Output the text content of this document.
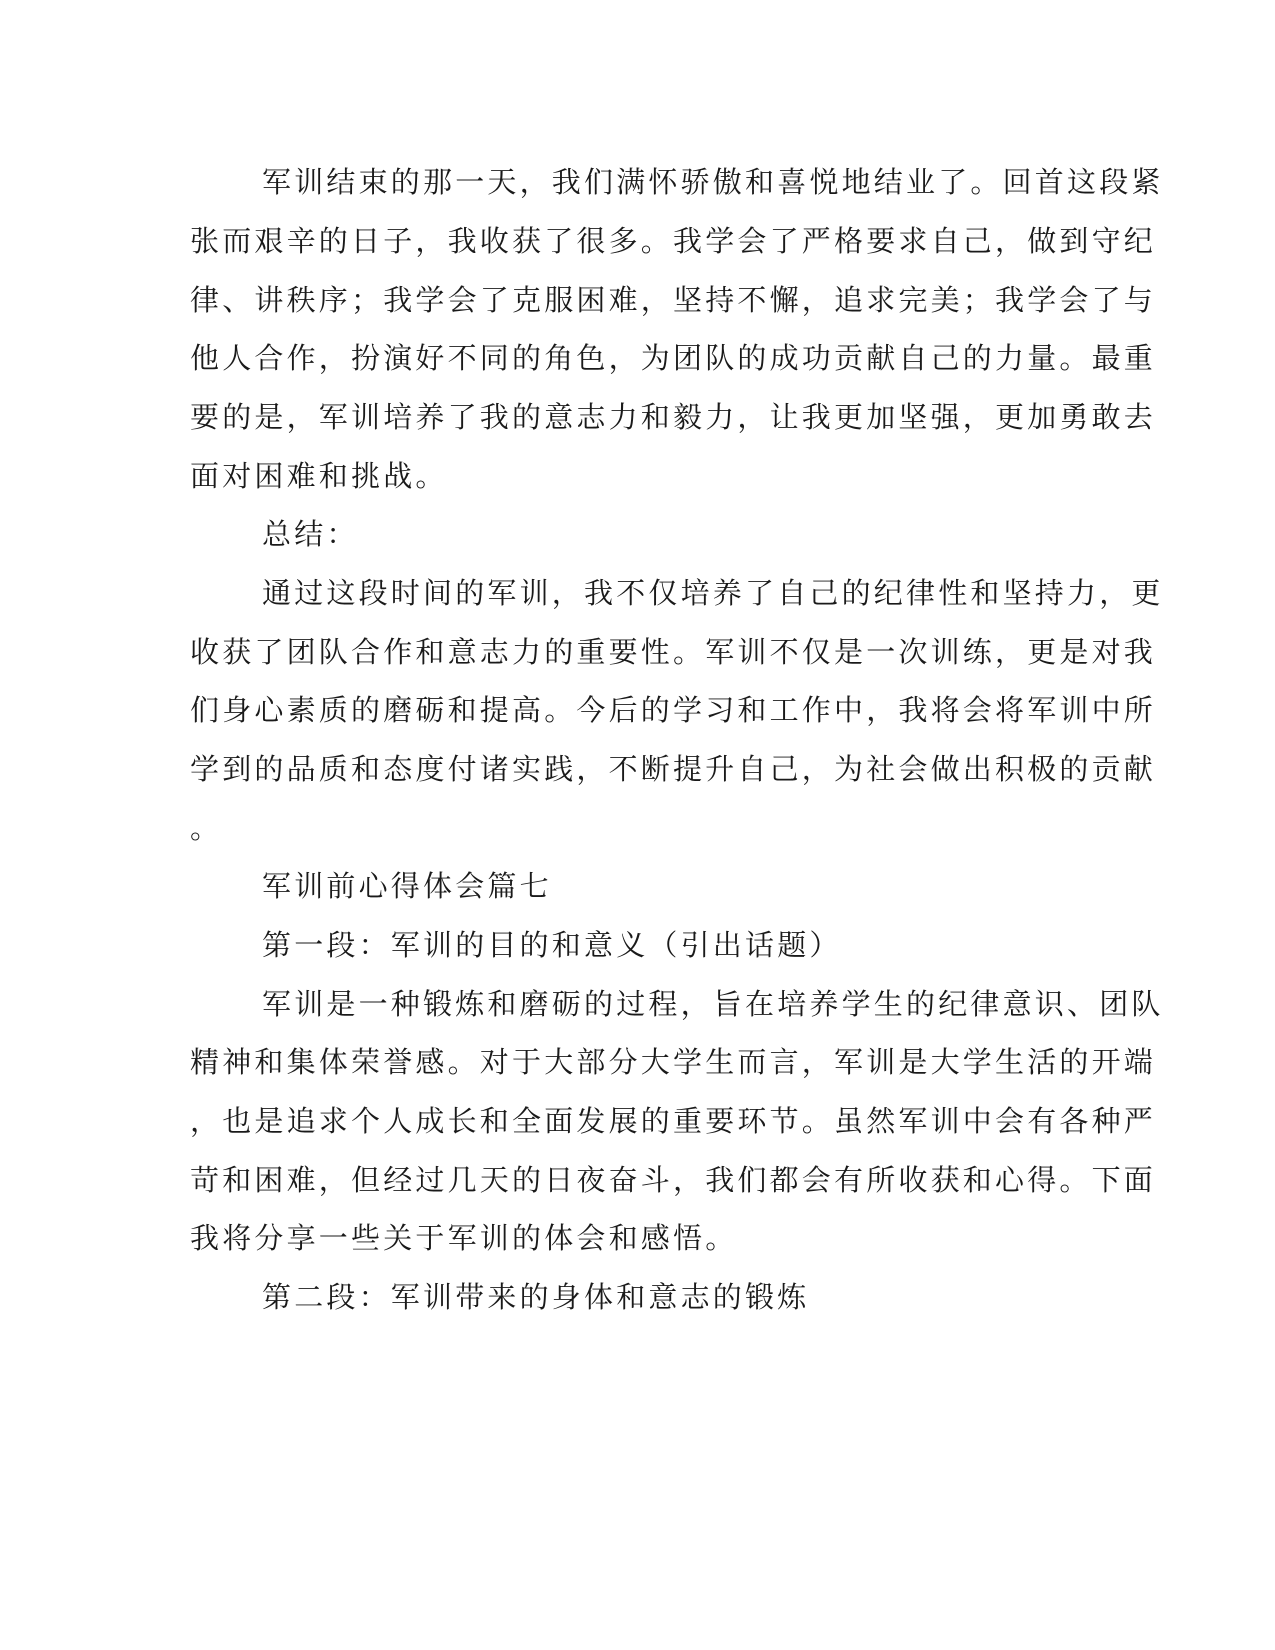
军训结束的那一天，我们满怀骄傲和喜悦地结业了。回首这段紧
张而艰辛的日子，我收获了很多。我学会了严格要求自己，做到守纪
律、讲秩序；我学会了克服困难，坚持不懈，追求完美；我学会了与
他人合作，扮演好不同的角色，为团队的成功贡献自己的力量。最重
要的是，军训培养了我的意志力和毅力，让我更加坚强，更加勇敢去
面对困难和挑战。
总结：
通过这段时间的军训，我不仅培养了自己的纪律性和坚持力，更
收获了团队合作和意志力的重要性。军训不仅是一次训练，更是对我
们身心素质的磨砺和提高。今后的学习和工作中，我将会将军训中所
学到的品质和态度付诸实践，不断提升自己，为社会做出积极的贡献
。
军训前心得体会篇七
第一段：军训的目的和意义（引出话题）
军训是一种锻炼和磨砺的过程，旨在培养学生的纪律意识、团队
精神和集体荣誉感。对于大部分大学生而言，军训是大学生活的开端
，也是追求个人成长和全面发展的重要环节。虽然军训中会有各种严
苛和困难，但经过几天的日夜奋斗，我们都会有所收获和心得。下面
我将分享一些关于军训的体会和感悟。
第二段：军训带来的身体和意志的锻炼
